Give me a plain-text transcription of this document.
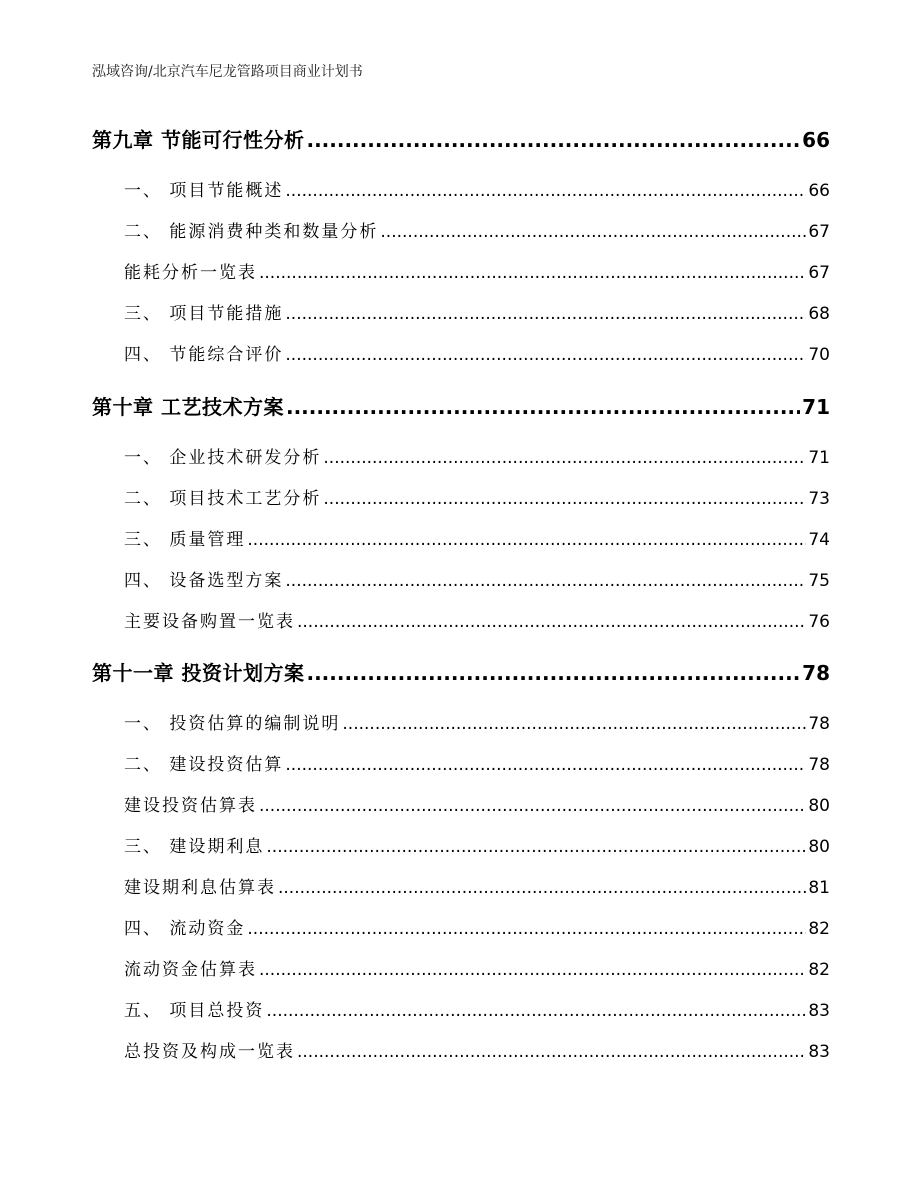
泓域咨询/北京汽车尼龙管路项目商业计划书
第九章 节能可行性分析 .....	66
一、 项目节能概述 .....	66
二、 能源消费种类和数量分析 .....	67
能耗分析一览表 .....	67
三、 项目节能措施 .....	68
四、 节能综合评价 .....	70
第十章 工艺技术方案 .....	71
一、 企业技术研发分析 .....	71
二、 项目技术工艺分析 .....	73
三、 质量管理 .....	74
四、 设备选型方案 .....	75
主要设备购置一览表 .....	76
第十一章 投资计划方案 .....	78
一、 投资估算的编制说明 .....	78
二、 建设投资估算 .....	78
建设投资估算表 .....	80
三、 建设期利息 .....	80
建设期利息估算表 .....	81
四、 流动资金 .....	82
流动资金估算表 .....	82
五、 项目总投资 .....	83
总投资及构成一览表 .....	83
